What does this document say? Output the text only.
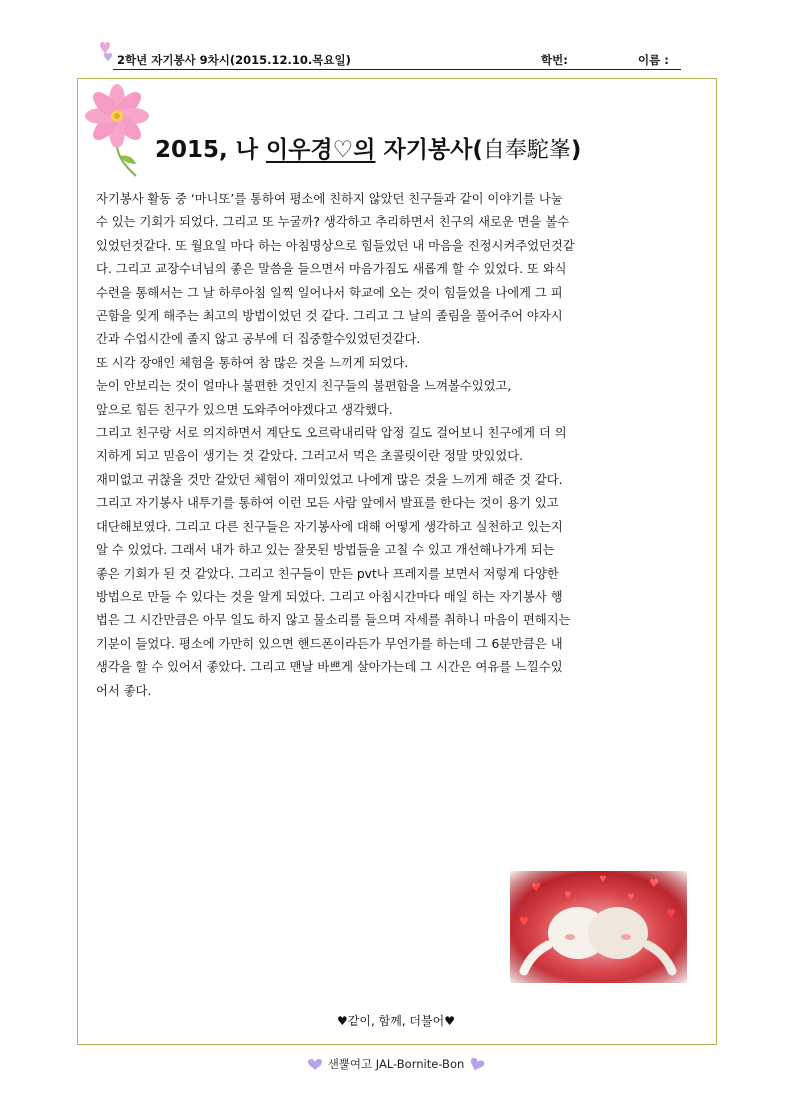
2학년 자기봉사 9차시(2015.12.10.목요일)	학번:	이름 :
2015, 나 이우경♡의 자기봉사(自奉駝峯)

자기봉사 활동 중 ‘마니또’를 통하여 평소에 친하지 않았던 친구들과 같이 이야기를 나눌

수 있는 기회가 되었다. 그리고 또 누굴까? 생각하고 추리하면서 친구의 새로운 면을 볼수

있었던것같다. 또 월요일 마다 하는 아침명상으로 힘들었던 내 마음을 진정시켜주었던것같

다. 그리고 교장수녀님의 좋은 말씀을 들으면서 마음가짐도 새롭게 할 수 있었다. 또 와식

수련을 통해서는 그 날 하루아침 일찍 일어나서 학교에 오는 것이 힘들었을 나에게 그 피

곤함을 잊게 해주는 최고의 방법이었던 것 같다. 그리고 그 날의 졸림을 풀어주어 야자시

간과 수업시간에 졸지 않고 공부에 더 집중할수있었던것같다.

또 시각 장애인 체험을 통하여 참 많은 것을 느끼게 되었다.

눈이 안보리는 것이 얼마나 불편한 것인지 친구들의 불편함을 느껴볼수있었고,

앞으로 힘든 친구가 있으면 도와주어야겠다고 생각했다.

그리고 친구랑 서로 의지하면서 계단도 오르락내리락 압정 길도 걸어보니 친구에게 더 의

지하게 되고 믿음이 생기는 것 같았다. 그러고서 먹은 초콜릿이란 정말 맛있었다.

재미없고 귀찮을 것만 같았던 체험이 재미있었고 나에게 많은 것을 느끼게 해준 것 같다.

그리고 자기봉사 내투기를 통하여 이런 모든 사람 앞에서 발표를 한다는 것이 용기 있고

대단해보였다. 그리고 다른 친구들은 자기봉사에 대해 어떻게 생각하고 실천하고 있는지

알 수 있었다. 그래서 내가 하고 있는 잘못된 방법들을 고칠 수 있고 개선해나가게 되는

좋은 기회가 된 것 같았다. 그리고 친구들이 만든 pvt나 프레지를 보면서 저렇게 다양한

방법으로 만들 수 있다는 것을 알게 되었다. 그리고 아침시간마다 매일 하는 자기봉사 행

법은 그 시간만큼은 아무 일도 하지 않고 물소리를 들으며 자세를 취하니 마음이 편해지는

기분이 들었다. 평소에 가만히 있으면 핸드폰이라든가 무언가를 하는데 그 6분만큼은 내

생각을 할 수 있어서 좋았다. 그리고 맨날 바쁘게 살아가는데 그 시간은 여유를 느낄수있

어서 좋다.

♥같이, 함께, 더불어♥
샌뿔여고 JAL-Bornite-Bon
